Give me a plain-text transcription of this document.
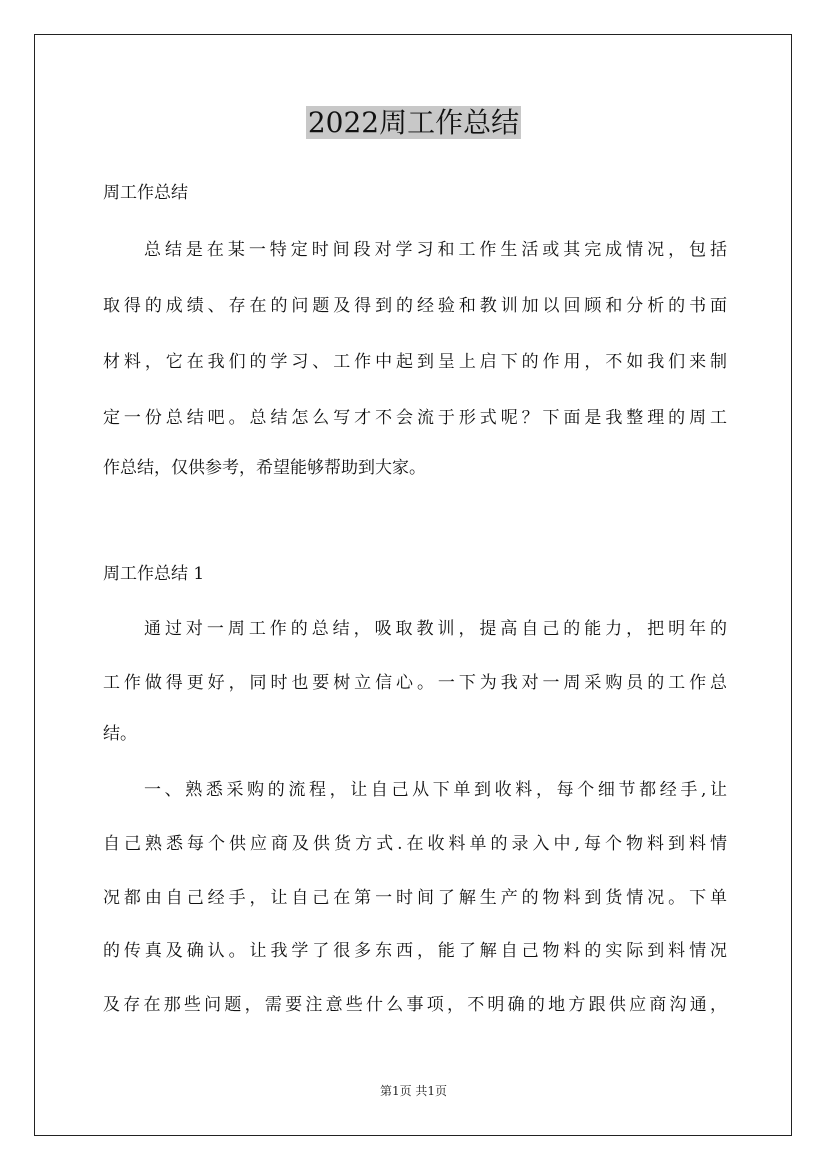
2022周工作总结
周工作总结
总结是在某一特定时间段对学习和工作生活或其完成情况，包括
取得的成绩、存在的问题及得到的经验和教训加以回顾和分析的书面
材料，它在我们的学习、工作中起到呈上启下的作用，不如我们来制
定一份总结吧。总结怎么写才不会流于形式呢？下面是我整理的周工
作总结，仅供参考，希望能够帮助到大家。
周工作总结 1
通过对一周工作的总结，吸取教训，提高自己的能力，把明年的
工作做得更好，同时也要树立信心。一下为我对一周采购员的工作总
结。
一、熟悉采购的流程，让自己从下单到收料，每个细节都经手,让
自己熟悉每个供应商及供货方式.在收料单的录入中,每个物料到料情
况都由自己经手，让自己在第一时间了解生产的物料到货情况。下单
的传真及确认。让我学了很多东西，能了解自己物料的实际到料情况
及存在那些问题，需要注意些什么事项，不明确的地方跟供应商沟通，
第1页 共1页
